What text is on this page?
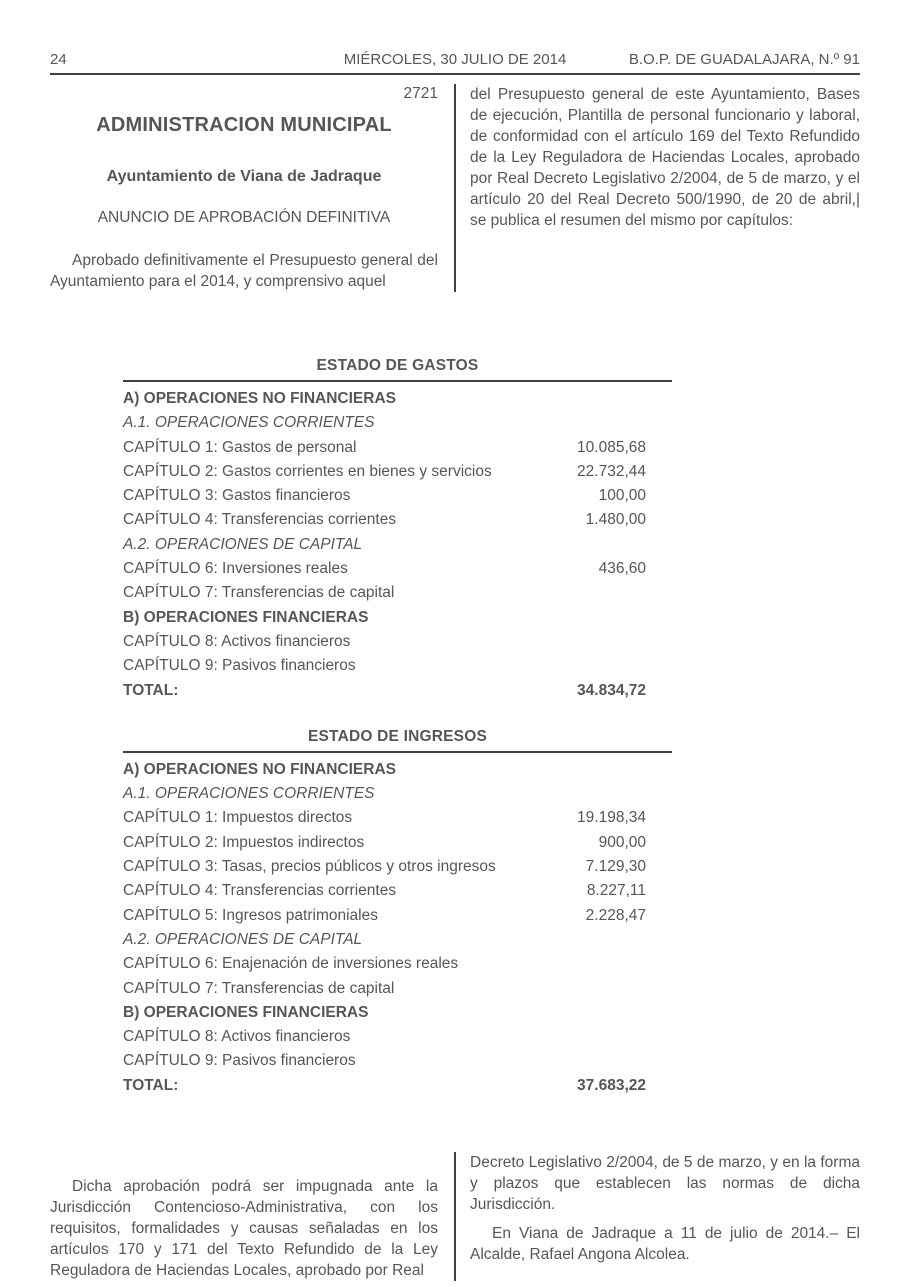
24	MIÉRCOLES, 30 JULIO DE 2014	B.O.P. DE GUADALAJARA, N.º 91
2721
ADMINISTRACION MUNICIPAL
Ayuntamiento de Viana de Jadraque
ANUNCIO DE APROBACIÓN DEFINITIVA

Aprobado definitivamente el Presupuesto general del Ayuntamiento para el 2014, y comprensivo aquel

del Presupuesto general de este Ayuntamiento, Bases de ejecución, Plantilla de personal funcionario y laboral, de conformidad con el artículo 169 del Texto Refundido de la Ley Reguladora de Haciendas Locales, aprobado por Real Decreto Legislativo 2/2004, de 5 de marzo, y el artículo 20 del Real Decreto 500/1990, de 20 de abril,| se publica el resumen del mismo por capítulos:

ESTADO DE GASTOS
A) OPERACIONES NO FINANCIERAS
A.1. OPERACIONES CORRIENTES
CAPÍTULO 1: Gastos de personal	10.085,68
CAPÍTULO 2: Gastos corrientes en bienes y servicios	22.732,44
CAPÍTULO 3: Gastos financieros	100,00
CAPÍTULO 4: Transferencias corrientes	1.480,00
A.2. OPERACIONES DE CAPITAL
CAPÍTULO 6: Inversiones reales	436,60
CAPÍTULO 7: Transferencias de capital
B) OPERACIONES FINANCIERAS
CAPÍTULO 8: Activos financieros
CAPÍTULO 9: Pasivos financieros
TOTAL:	34.834,72
ESTADO DE INGRESOS
A) OPERACIONES NO FINANCIERAS
A.1. OPERACIONES CORRIENTES
CAPÍTULO 1: Impuestos directos	19.198,34
CAPÍTULO 2: Impuestos indirectos	900,00
CAPÍTULO 3: Tasas, precios públicos y otros ingresos	7.129,30
CAPÍTULO 4: Transferencias corrientes	8.227,11
CAPÍTULO 5: Ingresos patrimoniales	2.228,47
A.2. OPERACIONES DE CAPITAL
CAPÍTULO 6: Enajenación de inversiones reales
CAPÍTULO 7: Transferencias de capital
B) OPERACIONES FINANCIERAS
CAPÍTULO 8: Activos financieros
CAPÍTULO 9: Pasivos financieros
TOTAL:	37.683,22

Dicha aprobación podrá ser impugnada ante la Jurisdicción Contencioso-Administrativa, con los requisitos, formalidades y causas señaladas en los artículos 170 y 171 del Texto Refundido de la Ley Reguladora de Haciendas Locales, aprobado por Real

Decreto Legislativo 2/2004, de 5 de marzo, y en la forma y plazos que establecen las normas de dicha Jurisdicción.

En Viana de Jadraque a 11 de julio de 2014.– El Alcalde, Rafael Angona Alcolea.
